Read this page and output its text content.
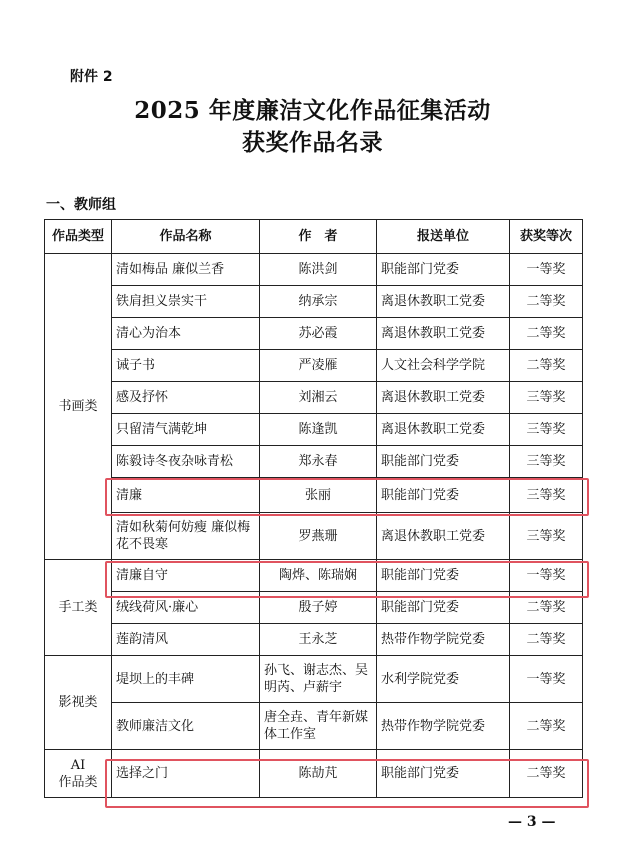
附件 2
2025 年度廉洁文化作品征集活动
获奖作品名录
一、教师组
作品类型	作品名称	作　者	报送单位	获奖等次
书画类	清如梅品 廉似兰香	陈洪剑	职能部门党委	一等奖
	铁肩担义崇实干	纳承宗	离退休教职工党委	二等奖
	清心为治本	苏必霞	离退休教职工党委	二等奖
	诫子书	严凌雁	人文社会科学学院	二等奖
	感及抒怀	刘湘云	离退休教职工党委	三等奖
	只留清气满乾坤	陈逢凯	离退休教职工党委	三等奖
	陈毅诗冬夜杂咏青松	郑永春	职能部门党委	三等奖
	清廉	张丽	职能部门党委	三等奖
	清如秋菊何妨瘦 廉似梅花不畏寒	罗燕珊	离退休教职工党委	三等奖
手工类	清廉自守	陶烨、陈瑞娴	职能部门党委	一等奖
	绒线荷风·廉心	殷子婷	职能部门党委	二等奖
	莲韵清风	王永芝	热带作物学院党委	二等奖
影视类	堤坝上的丰碑	孙飞、谢志杰、吴明芮、卢薪宇	水利学院党委	一等奖
	教师廉洁文化	唐全垚、青年新媒体工作室	热带作物学院党委	二等奖

AI
作品类	选择之门	陈劼芃	职能部门党委	二等奖
— 3 —
